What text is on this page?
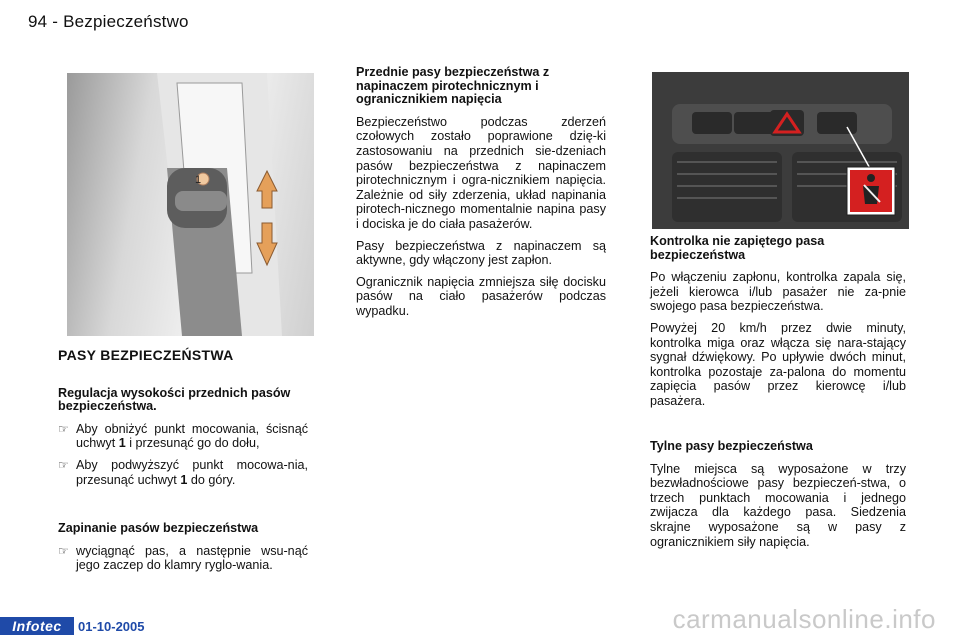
94 - Bezpieczeństwo
1
PASY BEZPIECZEŃSTWA
Regulacja wysokości przednich pasów bezpieczeństwa.
☞ Aby obniżyć punkt mocowania, ścisnąć uchwyt 1 i przesunąć go do dołu,
☞ Aby podwyższyć punkt mocowa-nia, przesunąć uchwyt 1 do góry.
Zapinanie pasów bezpieczeństwa
☞ wyciągnąć pas, a następnie wsu-nąć jego zaczep do klamry ryglo-wania.
Przednie pasy bezpieczeństwa z napinaczem pirotechnicznym i ogranicznikiem napięcia

Bezpieczeństwo podczas zderzeń czołowych zostało poprawione dzię-ki zastosowaniu na przednich sie-dzeniach pasów bezpieczeństwa z napinaczem pirotechnicznym i ogra-nicznikiem napięcia. Zależnie od siły zderzenia, układ napinania pirotech-nicznego momentalnie napina pasy i dociska je do ciała pasażerów.

Pasy bezpieczeństwa z napinaczem są aktywne, gdy włączony jest zapłon.

Ogranicznik napięcia zmniejsza siłę docisku pasów na ciało pasażerów podczas wypadku.

Kontrolka nie zapiętego pasa bezpieczeństwa

Po włączeniu zapłonu, kontrolka zapala się, jeżeli kierowca i/lub pasażer nie za-pnie swojego pasa bezpieczeństwa.

Powyżej 20 km/h przez dwie minuty, kontrolka miga oraz włącza się nara-stający sygnał dźwiękowy. Po upływie dwóch minut, kontrolka pozostaje za-palona do momentu zapięcia pasów przez kierowcę i/lub pasażera.

Tylne pasy bezpieczeństwa

Tylne miejsca są wyposażone w trzy bezwładnościowe pasy bezpieczeń-stwa, o trzech punktach mocowania i jednego zwijacza dla każdego pasa. Siedzenia skrajne wyposażone są w pasy z ogranicznikiem siły napięcia.

Infotec	01-10-2005	carmanualsonline.info
